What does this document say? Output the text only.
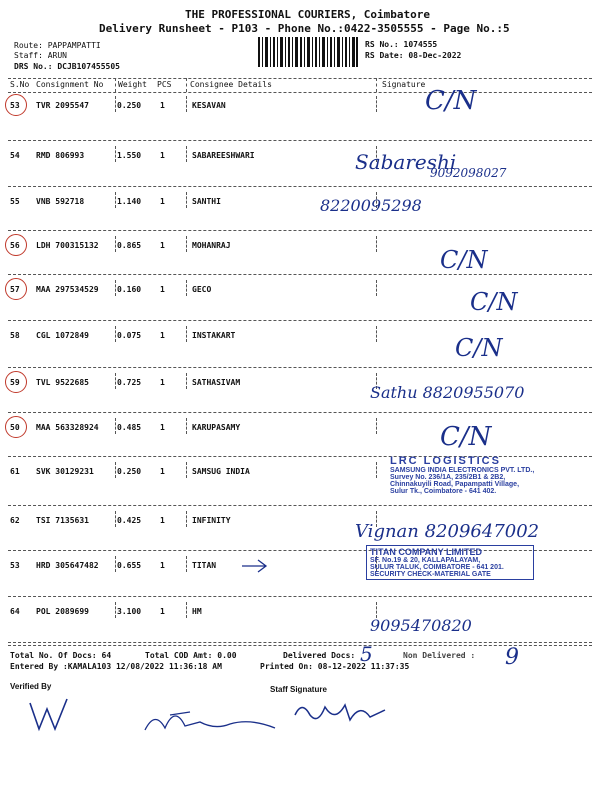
THE PROFESSIONAL COURIERS, Coimbatore
Delivery Runsheet - P103 - Phone No.:0422-3505555 - Page No.:5
Route: PAPPAMPATTI
Staff: ARUN
DRS No.: DCJB107455505
RS No.: 1074555
RS Date: 08-Dec-2022
S.No Consignment No Weight PCS Consignee Details	Signature
53 TVR 2095547	0.250 1	KESAVAN	C/N
54 RMD 806993	1.550 1	SABAREESHWARI	Sabareshi
9092098027
55 VNB 592718	1.140 1	SANTHI	8220095298
56 LDH 700315132 0.865 1	MOHANRAJ
C/N
57 MAA 297534529 0.160 1	GECO	C/N
58 CGL 1072849	0.075 1	INSTAKART	C/N
59 TVL 9522685	0.725 1	SATHASIVAM
Sathu 8820955070
50 MAA 563328924 0.485 1	KARUPASAMY	C/N
61 SVK 30129231	0.250 1	SAMSUG INDIA
62 TSI 7135631	0.425 1	INFINITY
Vignan 8209647002
53 HRD 305647482 0.655 1	TITAN
64 POL 2089699	3.100 1	HM
9095470820
LRC LOGISTICS
SAMSUNG INDIA ELECTRONICS PVT. LTD.,
Survey No. 236/1A, 235/2B1 & 2B2,
Chinnakuyili Road, Papampatti Village,
Sulur Tk., Coimbatore - 641 402.
TITAN COMPANY LIMITED
SF. No.19 & 20, KALLAPALAYAM,
SULUR TALUK, COIMBATORE - 641 201.
SECURITY CHECK-MATERIAL GATE
Total No. Of Docs: 64	Total COD Amt: 0.00	Delivered Docs: 5	Non Delivered : 9
Entered By :KAMALA103 12/08/2022 11:36:18 AM	Printed On: 08-12-2022 11:37:35
Verified By	Staff Signature
